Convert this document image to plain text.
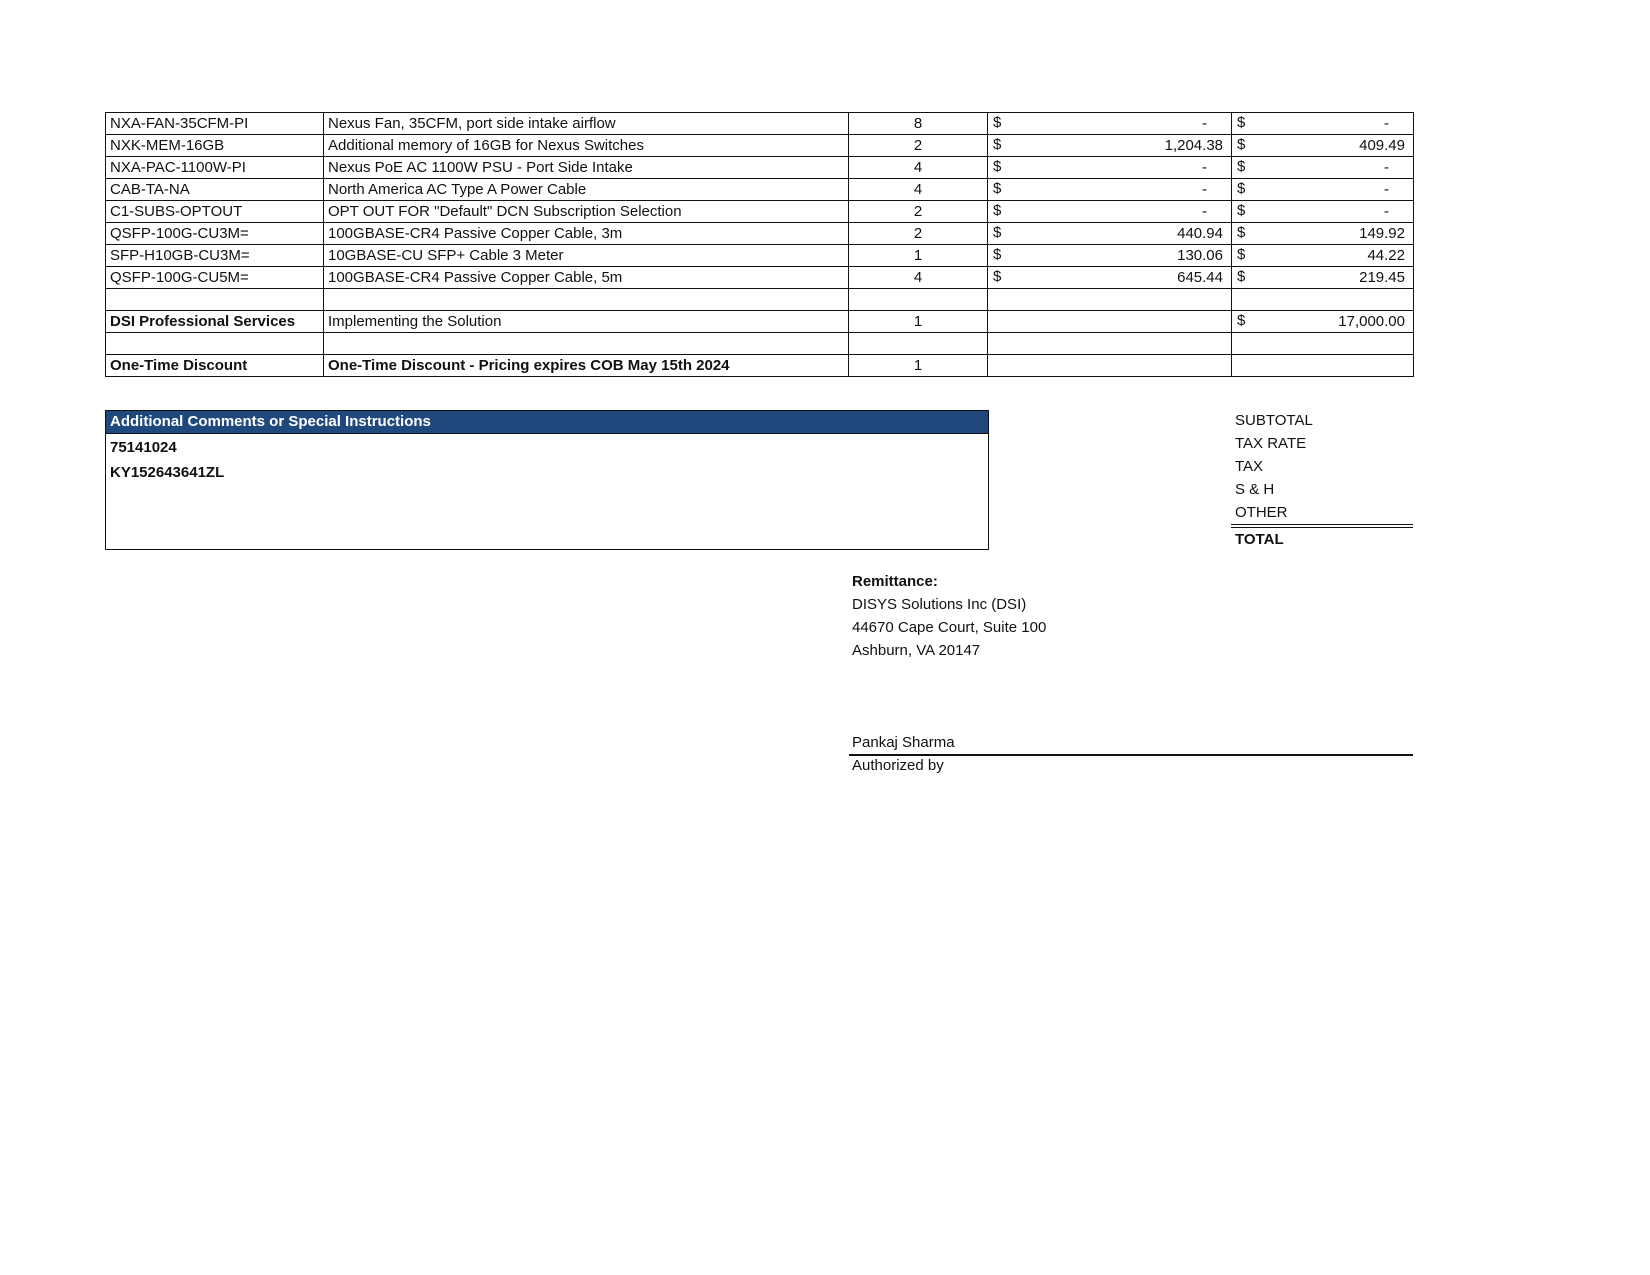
NXA-FAN-35CFM-PI	Nexus Fan, 35CFM, port side intake airflow	8	$ -	$ -

NXK-MEM-16GB	Additional memory of 16GB for Nexus Switches	2	$ 1,204.38	$ 409.49

NXA-PAC-1100W-PI	Nexus PoE AC 1100W PSU - Port Side Intake	4	$ -	$ -

CAB-TA-NA	North America AC Type A Power Cable	4	$ -	$ -

C1-SUBS-OPTOUT	OPT OUT FOR "Default" DCN Subscription Selection	2	$ -	$ -

QSFP-100G-CU3M=	100GBASE-CR4 Passive Copper Cable, 3m	2	$ 440.94	$ 149.92

SFP-H10GB-CU3M=	10GBASE-CU SFP+ Cable 3 Meter	1	$ 130.06	$ 44.22

QSFP-100G-CU5M=	100GBASE-CR4 Passive Copper Cable, 5m	4	$ 645.44	$ 219.45

DSI Professional Services	Implementing the Solution	1		$ 17,000.00

One-Time Discount	One-Time Discount - Pricing expires COB May 15th 2024	1	

Additional Comments or Special Instructions
75141024
KY152643641ZL
SUBTOTAL
TAX RATE
TAX
S & H
OTHER
TOTAL
Remittance:
DISYS Solutions Inc (DSI)
44670 Cape Court, Suite 100
Ashburn, VA 20147
Pankaj Sharma
Authorized by
